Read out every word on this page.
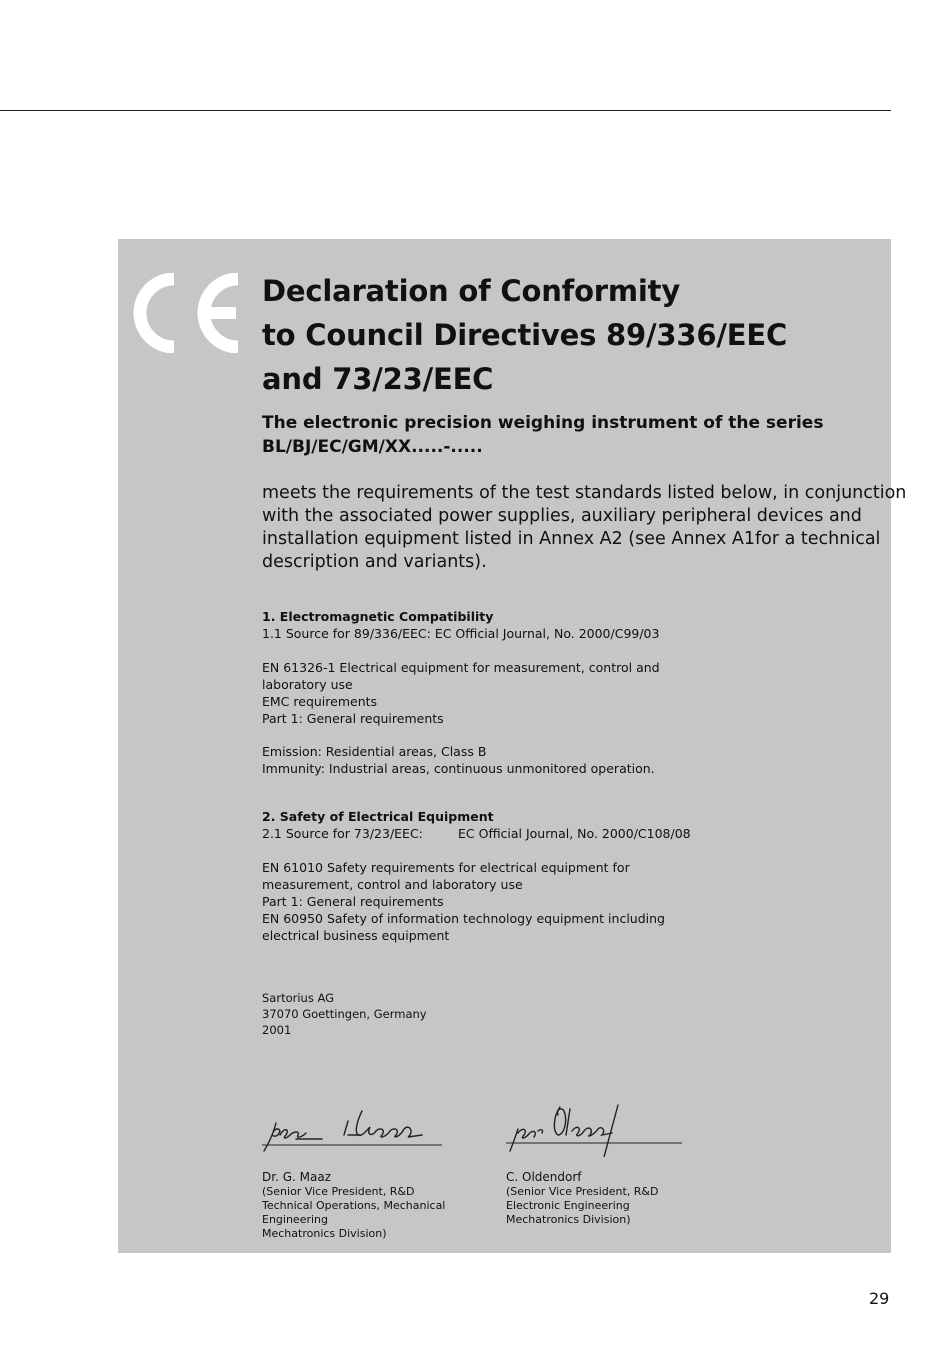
Declaration of Conformity
to Council Directives 89/336/EEC
and 73/23/EEC
The electronic precision weighing instrument of the series
BL/BJ/EC/GM/XX.....-.....
meets the requirements of the test standards listed below, in conjunction
with the associated power supplies, auxiliary peripheral devices and
installation equipment listed in Annex A2 (see Annex A1for a technical
description and variants).
1. Electromagnetic Compatibility
1.1 Source for 89/336/EEC: EC Official Journal, No. 2000/C99/03
EN 61326-1 Electrical equipment for measurement, control and
laboratory use
EMC requirements
Part 1: General requirements
Emission: Residential areas, Class B
Immunity: Industrial areas, continuous unmonitored operation.
2. Safety of Electrical Equipment
2.1 Source for 73/23/EEC:	EC Official Journal, No. 2000/C108/08
EN 61010 Safety requirements for electrical equipment for
measurement, control and laboratory use
Part 1: General requirements
EN 60950 Safety of information technology equipment including
electrical business equipment
Sartorius AG
37070 Goettingen, Germany
2001
Dr. G. Maaz
(Senior Vice President, R&D
Technical Operations, Mechanical
Engineering
Mechatronics Division)
C. Oldendorf
(Senior Vice President, R&D
Electronic Engineering
Mechatronics Division)
29
